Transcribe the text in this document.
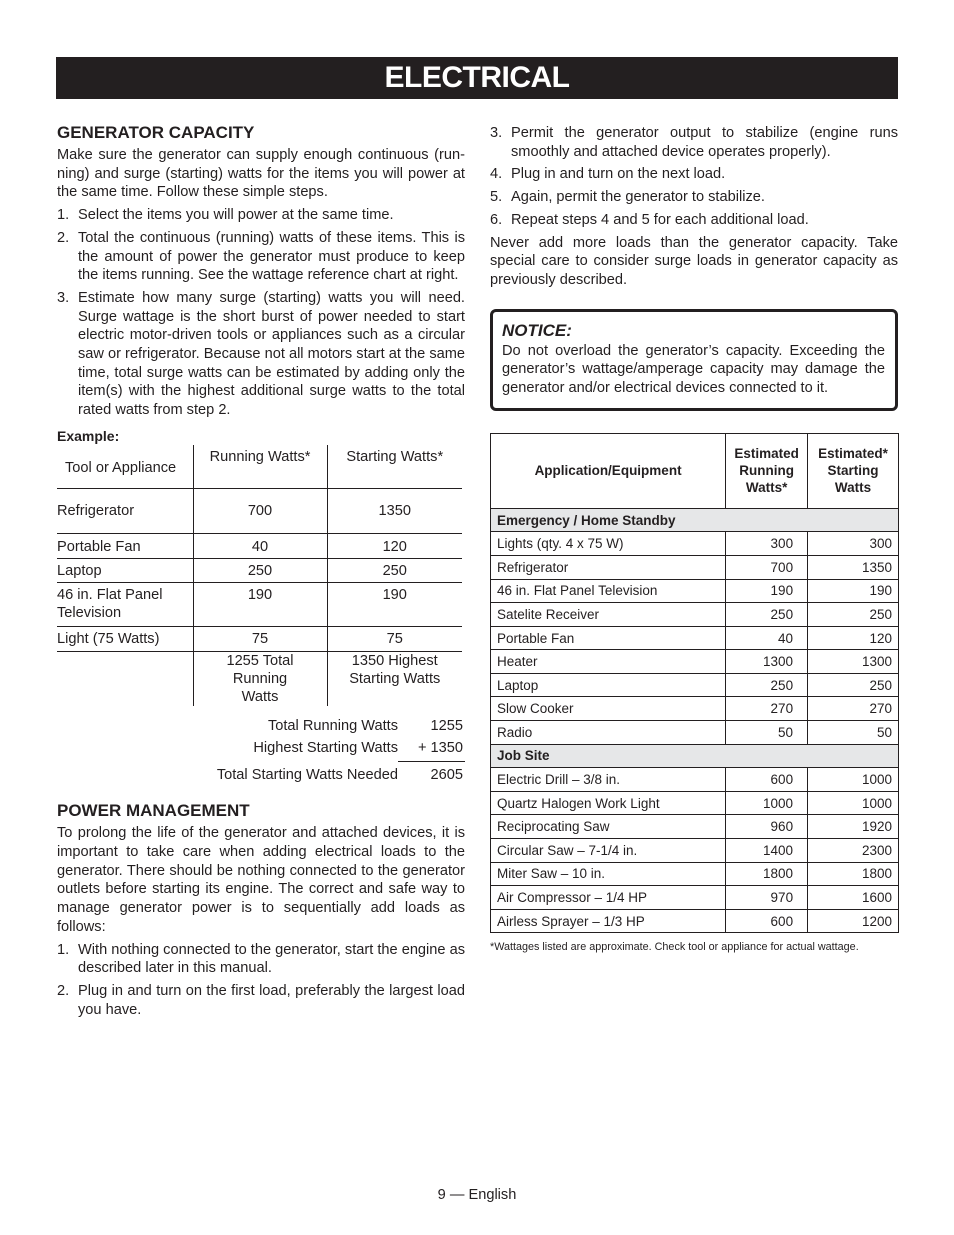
ELECTRICAL
GENERATOR CAPACITY

Make sure the generator can supply enough continuous (run-ning) and surge (starting) watts for the items you will power at the same time. Follow these simple steps.

1. Select the items you will power at the same time.
2. Total the continuous (running) watts of these items. This is the amount of power the generator must produce to keep the items running. See the wattage reference chart at right.
3. Estimate how many surge (starting) watts you will need. Surge wattage is the short burst of power needed to start electric motor-driven tools or appliances such as a circular saw or refrigerator. Because not all motors start at the same time, total surge watts can be estimated by adding only the item(s) with the highest additional surge watts to the total rated watts from step 2.
Example:
Tool or Appliance	Running Watts*	Starting Watts*
Refrigerator	700	1350
Portable Fan	40	120
Laptop	250	250
46 in. Flat Panel Television	190	190
Light (75 Watts)	75	75
	1255 Total Running Watts	1350 Highest Starting Watts
Total Running Watts	1255
Highest Starting Watts	+ 1350
Total Starting Watts Needed	2605
POWER MANAGEMENT

To prolong the life of the generator and attached devices, it is important to take care when adding electrical loads to the generator. There should be nothing connected to the generator outlets before starting its engine. The correct and safe way to manage generator power is to sequentially add loads as follows:

1. With nothing connected to the generator, start the engine as described later in this manual.
2. Plug in and turn on the first load, preferably the largest load you have.
3. Permit the generator output to stabilize (engine runs smoothly and attached device operates properly).
4. Plug in and turn on the next load.
5. Again, permit the generator to stabilize.
6. Repeat steps 4 and 5 for each additional load.

Never add more loads than the generator capacity. Take special care to consider surge loads in generator capacity as previously described.

NOTICE:

Do not overload the generator’s capacity. Exceeding the generator’s wattage/amperage capacity may damage the generator and/or electrical devices connected to it.

Application/Equipment	Estimated Running Watts*	Estimated* Starting Watts
Emergency / Home Standby		
Lights (qty. 4 x 75 W)	300	300
Refrigerator	700	1350
46 in. Flat Panel Television	190	190
Satelite Receiver	250	250
Portable Fan	40	120
Heater	1300	1300
Laptop	250	250
Slow Cooker	270	270
Radio	50	50
Job Site		
Electric Drill – 3/8 in.	600	1000
Quartz Halogen Work Light	1000	1000
Reciprocating Saw	960	1920
Circular Saw – 7-1/4 in.	1400	2300
Miter Saw – 10 in.	1800	1800
Air Compressor – 1/4 HP	970	1600
Airless Sprayer – 1/3 HP	600	1200
*Wattages listed are approximate. Check tool or appliance for actual wattage.
9 — English
